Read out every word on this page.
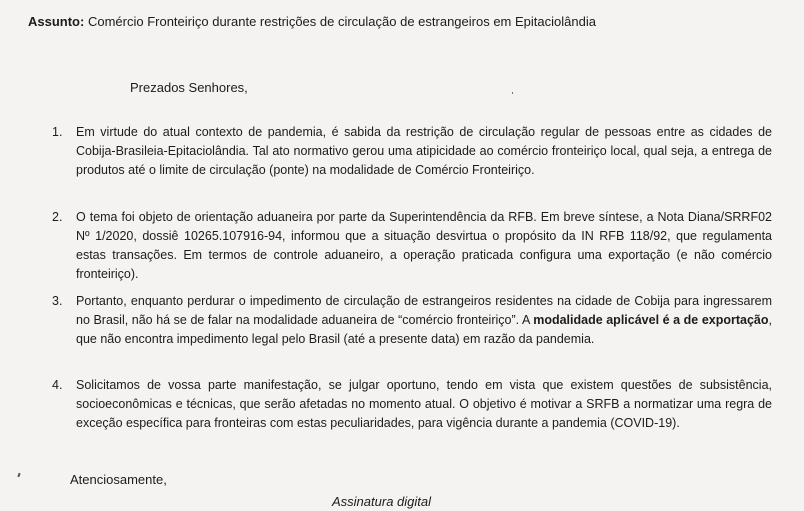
Assunto: Comércio Fronteiriço durante restrições de circulação de estrangeiros em Epitaciolândia
Prezados Senhores,
1.	Em virtude do atual contexto de pandemia, é sabida da restrição de circulação regular de pessoas entre as cidades de Cobija-Brasileia-Epitaciolândia. Tal ato normativo gerou uma atipicidade ao comércio fronteiriço local, qual seja, a entrega de produtos até o limite de circulação (ponte) na modalidade de Comércio Fronteiriço.
2.	O tema foi objeto de orientação aduaneira por parte da Superintendência da RFB. Em breve síntese, a Nota Diana/SRRF02 Nº 1/2020, dossiê 10265.107916-94, informou que a situação desvirtua o propósito da IN RFB 118/92, que regulamenta estas transações. Em termos de controle aduaneiro, a operação praticada configura uma exportação (e não comércio fronteiriço).
3.	Portanto, enquanto perdurar o impedimento de circulação de estrangeiros residentes na cidade de Cobija para ingressarem no Brasil, não há se de falar na modalidade aduaneira de “comércio fronteiriço”. A modalidade aplicável é a de exportação, que não encontra impedimento legal pelo Brasil (até a presente data) em razão da pandemia.
4.	Solicitamos de vossa parte manifestação, se julgar oportuno, tendo em vista que existem questões de subsistência, socioeconômicas e técnicas, que serão afetadas no momento atual. O objetivo é motivar a SRFB a normatizar uma regra de exceção específica para fronteiras com estas peculiaridades, para vigência durante a pandemia (COVID-19).
Atenciosamente,
Assinatura digital
